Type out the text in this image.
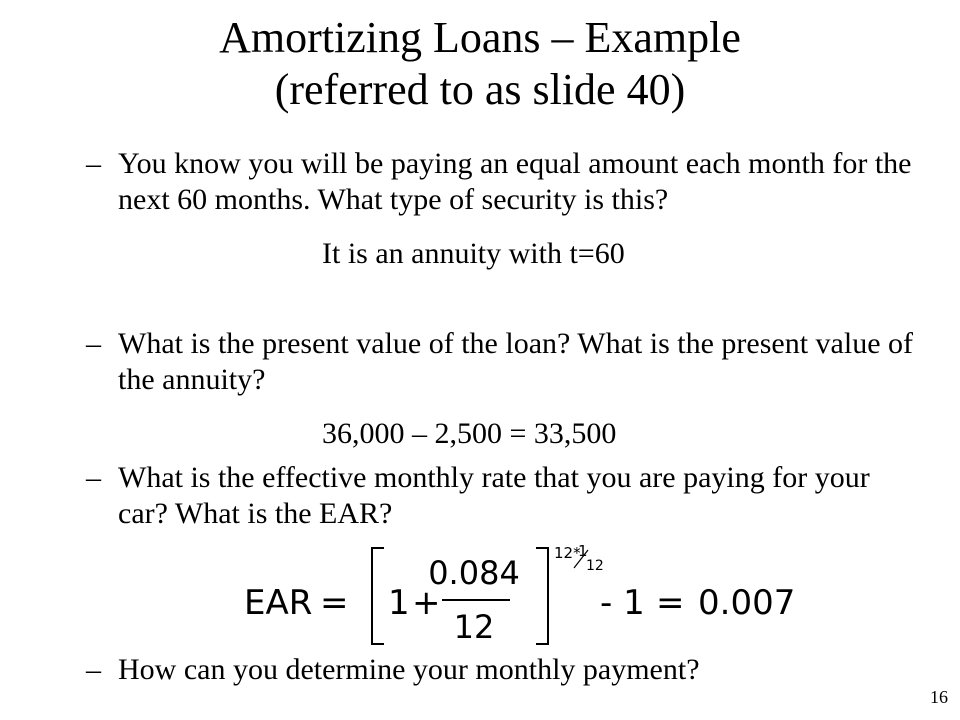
Amortizing Loans – Example
(referred to as slide 40)
– You know you will be paying an equal amount each month for the next 60 months. What type of security is this?
It is an annuity with t=60
– What is the present value of the loan? What is the present value of the annuity?
36,000 – 2,500 = 33,500
– What is the effective monthly rate that you are paying for your car? What is the EAR?
EAR = 1 +
0.084
12
12*
1
12
- 1 = 0.007
– How can you determine your monthly payment?
16
